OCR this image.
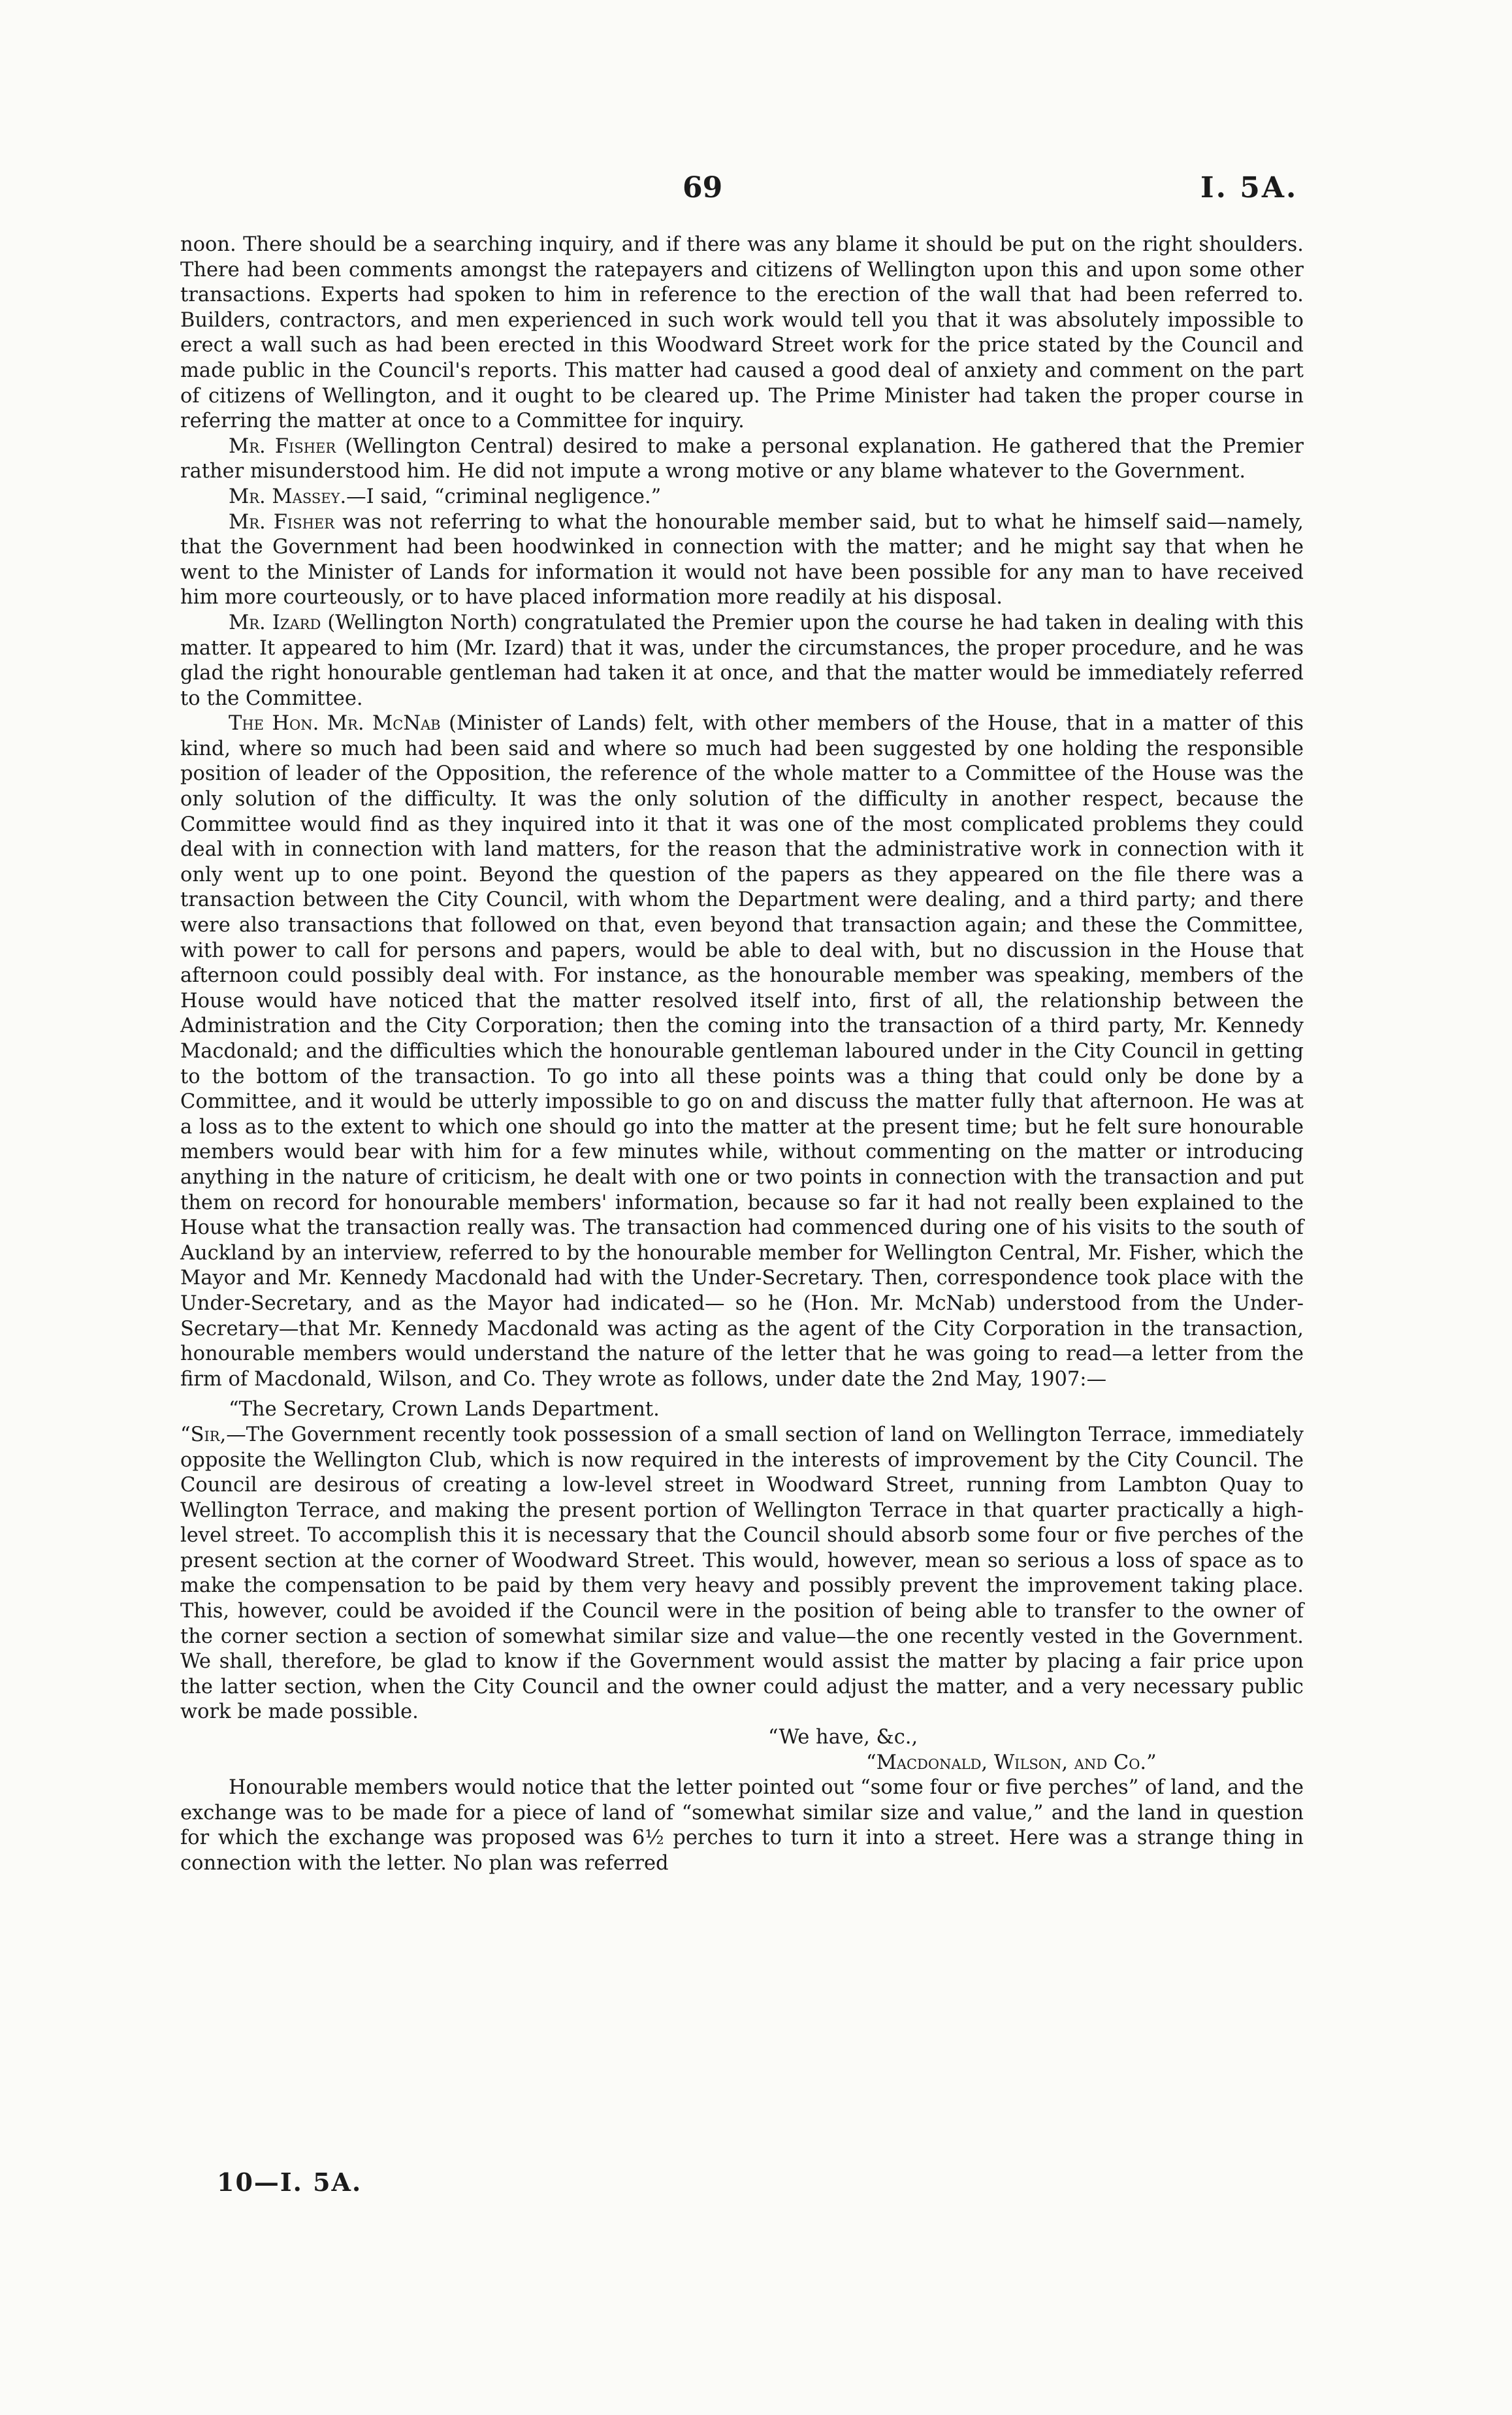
69	I. 5A.

noon. There should be a searching inquiry, and if there was any blame it should be put on the right shoulders. There had been comments amongst the ratepayers and citizens of Wellington upon this and upon some other transactions. Experts had spoken to him in reference to the erection of the wall that had been referred to. Builders, contractors, and men experienced in such work would tell you that it was absolutely impossible to erect a wall such as had been erected in this Woodward Street work for the price stated by the Council and made public in the Council's reports. This matter had caused a good deal of anxiety and comment on the part of citizens of Wellington, and it ought to be cleared up. The Prime Minister had taken the proper course in referring the matter at once to a Committee for inquiry.

Mr. Fisher (Wellington Central) desired to make a personal explanation. He gathered that the Premier rather misunderstood him. He did not impute a wrong motive or any blame whatever to the Government.

Mr. Massey.—I said, “criminal negligence.”

Mr. Fisher was not referring to what the honourable member said, but to what he himself said—namely, that the Government had been hoodwinked in connection with the matter; and he might say that when he went to the Minister of Lands for information it would not have been possible for any man to have received him more courteously, or to have placed information more readily at his disposal.

Mr. Izard (Wellington North) congratulated the Premier upon the course he had taken in dealing with this matter. It appeared to him (Mr. Izard) that it was, under the circumstances, the proper procedure, and he was glad the right honourable gentleman had taken it at once, and that the matter would be immediately referred to the Committee.

The Hon. Mr. McNab (Minister of Lands) felt, with other members of the House, that in a matter of this kind, where so much had been said and where so much had been suggested by one holding the responsible position of leader of the Opposition, the reference of the whole matter to a Committee of the House was the only solution of the difficulty. It was the only solution of the difficulty in another respect, because the Committee would find as they inquired into it that it was one of the most complicated problems they could deal with in connection with land matters, for the reason that the administrative work in connection with it only went up to one point. Beyond the question of the papers as they appeared on the file there was a transaction between the City Council, with whom the Department were dealing, and a third party; and there were also transactions that followed on that, even beyond that transaction again; and these the Committee, with power to call for persons and papers, would be able to deal with, but no discussion in the House that afternoon could possibly deal with. For instance, as the honourable member was speaking, members of the House would have noticed that the matter resolved itself into, first of all, the relationship between the Administration and the City Corporation; then the coming into the transaction of a third party, Mr. Kennedy Macdonald; and the difficulties which the honourable gentleman laboured under in the City Council in getting to the bottom of the transaction. To go into all these points was a thing that could only be done by a Committee, and it would be utterly impossible to go on and discuss the matter fully that afternoon. He was at a loss as to the extent to which one should go into the matter at the present time; but he felt sure honourable members would bear with him for a few minutes while, without commenting on the matter or introducing anything in the nature of criticism, he dealt with one or two points in connection with the transaction and put them on record for honourable members' information, because so far it had not really been explained to the House what the transaction really was. The transaction had commenced during one of his visits to the south of Auckland by an interview, referred to by the honourable member for Wellington Central, Mr. Fisher, which the Mayor and Mr. Kennedy Macdonald had with the Under-Secretary. Then, correspondence took place with the Under-Secretary, and as the Mayor had indicated— so he (Hon. Mr. McNab) understood from the Under-Secretary—that Mr. Kennedy Macdonald was acting as the agent of the City Corporation in the transaction, honourable members would understand the nature of the letter that he was going to read—a letter from the firm of Macdonald, Wilson, and Co. They wrote as follows, under date the 2nd May, 1907:—

“The Secretary, Crown Lands Department.

“Sir,—The Government recently took possession of a small section of land on Wellington Terrace, immediately opposite the Wellington Club, which is now required in the interests of improvement by the City Council. The Council are desirous of creating a low-level street in Woodward Street, running from Lambton Quay to Wellington Terrace, and making the present portion of Wellington Terrace in that quarter practically a high-level street. To accomplish this it is necessary that the Council should absorb some four or five perches of the present section at the corner of Woodward Street. This would, however, mean so serious a loss of space as to make the compensation to be paid by them very heavy and possibly prevent the improvement taking place. This, however, could be avoided if the Council were in the position of being able to transfer to the owner of the corner section a section of somewhat similar size and value—the one recently vested in the Government. We shall, therefore, be glad to know if the Government would assist the matter by placing a fair price upon the latter section, when the City Council and the owner could adjust the matter, and a very necessary public work be made possible.

“We have, &c.,

“Macdonald, Wilson, and Co.”

Honourable members would notice that the letter pointed out “some four or five perches” of land, and the exchange was to be made for a piece of land of “somewhat similar size and value,” and the land in question for which the exchange was proposed was 6½ perches to turn it into a street. Here was a strange thing in connection with the letter. No plan was referred

10—I. 5A.
